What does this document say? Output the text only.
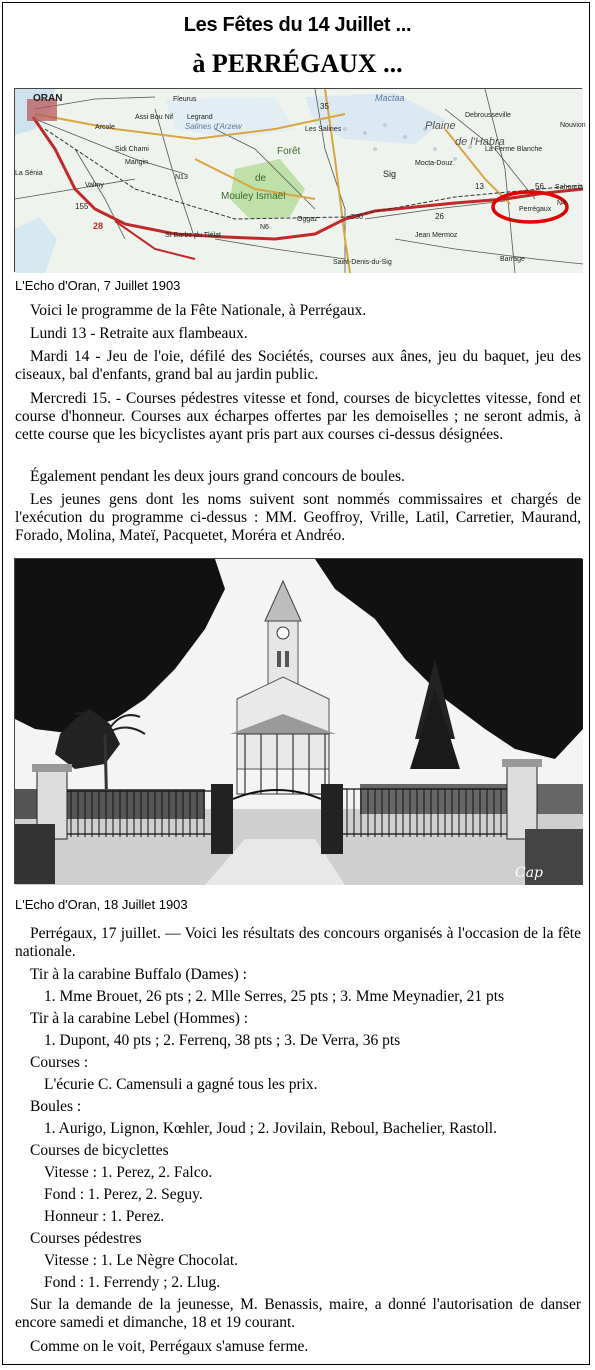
Les Fêtes du 14 Juillet ...
à PERRÉGAUX ...
ORAN
Perrégaux
Forêt
de
Mouley Ismaël
Saint-Denis-du-Sig
Jean Mermoz
Plaine
de l'Habra
Mocta-Douz
Mactaa
Salines d'Arzew	Les Salines
St Barbe du Tlélat
Valmy
La Sénia
Debrousseville
La Ferme Blanche
Sig
Oggaz
Fleurus
Legrand
Assi Bou Nif
Sidi Chami
Arcole
Mangin
Sahouria
Barrage
Nouvion
28
155
35
26
56
N6
N4
N13
C30
13
L'Echo d'Oran, 7 Juillet 1903

Voici le programme de la Fête Nationale, à Perrégaux.

Lundi 13 - Retraite aux flambeaux.

Mardi 14 - Jeu de l'oie, défilé des Sociétés, courses aux ânes, jeu du baquet, jeu des ciseaux, bal d'enfants, grand bal au jardin public.

Mercredi 15. - Courses pédestres vitesse et fond, courses de bicyclettes vitesse, fond et course d'honneur. Courses aux écharpes offertes par les demoiselles ; ne seront admis, à cette course que les bicyclistes ayant pris part aux courses ci-dessus désignées.

Également pendant les deux jours grand concours de boules.

Les jeunes gens dont les noms suivent sont nommés commissaires et chargés de l'exécution du programme ci-dessus : MM. Geoffroy, Vrille, Latil, Carretier, Maurand, Forado, Molina, Mateï, Pacquetet, Moréra et Andréo.

Cap
L'Echo d'Oran, 18 Juillet 1903

Perrégaux, 17 juillet. — Voici les résultats des concours organisés à l'occasion de la fête nationale.

Tir à la carabine Buffalo (Dames) :
1. Mme Brouet, 26 pts ; 2. Mlle Serres, 25 pts ; 3. Mme Meynadier, 21 pts
Tir à la carabine Lebel (Hommes) :
1. Dupont, 40 pts ; 2. Ferrenq, 38 pts ; 3. De Verra, 36 pts
Courses :
L'écurie C. Camensuli a gagné tous les prix.
Boules :
1. Aurigo, Lignon, Kœhler, Joud ; 2. Jovilain, Reboul, Bachelier, Rastoll.
Courses de bicyclettes
Vitesse : 1. Perez, 2. Falco.
Fond : 1. Perez, 2. Seguy.
Honneur : 1. Perez.
Courses pédestres
Vitesse : 1. Le Nègre Chocolat.
Fond : 1. Ferrendy ; 2. Llug.

Sur la demande de la jeunesse, M. Benassis, maire, a donné l'autorisation de danser encore samedi et dimanche, 18 et 19 courant.

Comme on le voit, Perrégaux s'amuse ferme.
